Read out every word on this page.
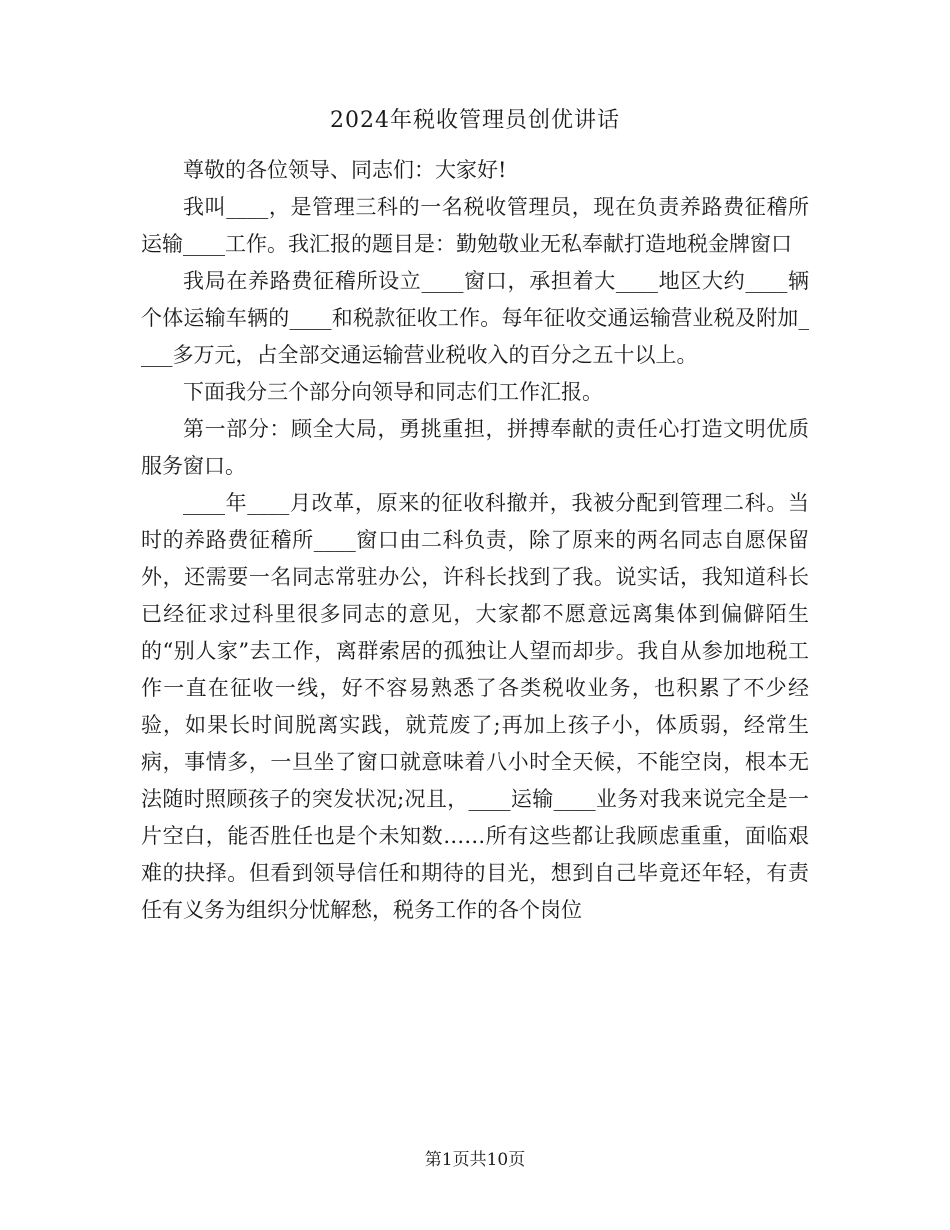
2024年税收管理员创优讲话

尊敬的各位领导、同志们：大家好!

我叫____，是管理三科的一名税收管理员，现在负责养路费征稽所运输____工作。我汇报的题目是：勤勉敬业无私奉献打造地税金牌窗口

我局在养路费征稽所设立____窗口，承担着大____地区大约____辆个体运输车辆的____和税款征收工作。每年征收交通运输营业税及附加____多万元，占全部交通运输营业税收入的百分之五十以上。

下面我分三个部分向领导和同志们工作汇报。

第一部分：顾全大局，勇挑重担，拼搏奉献的责任心打造文明优质服务窗口。

____年____月改革，原来的征收科撤并，我被分配到管理二科。当时的养路费征稽所____窗口由二科负责，除了原来的两名同志自愿保留外，还需要一名同志常驻办公，许科长找到了我。说实话，我知道科长已经征求过科里很多同志的意见，大家都不愿意远离集体到偏僻陌生的“别人家”去工作，离群索居的孤独让人望而却步。我自从参加地税工作一直在征收一线，好不容易熟悉了各类税收业务，也积累了不少经验，如果长时间脱离实践，就荒废了;再加上孩子小，体质弱，经常生病，事情多，一旦坐了窗口就意味着八小时全天候，不能空岗，根本无法随时照顾孩子的突发状况;况且，____运输____业务对我来说完全是一片空白，能否胜任也是个未知数……所有这些都让我顾虑重重，面临艰难的抉择。但看到领导信任和期待的目光，想到自己毕竟还年轻，有责任有义务为组织分忧解愁，税务工作的各个岗位

第1页共10页
